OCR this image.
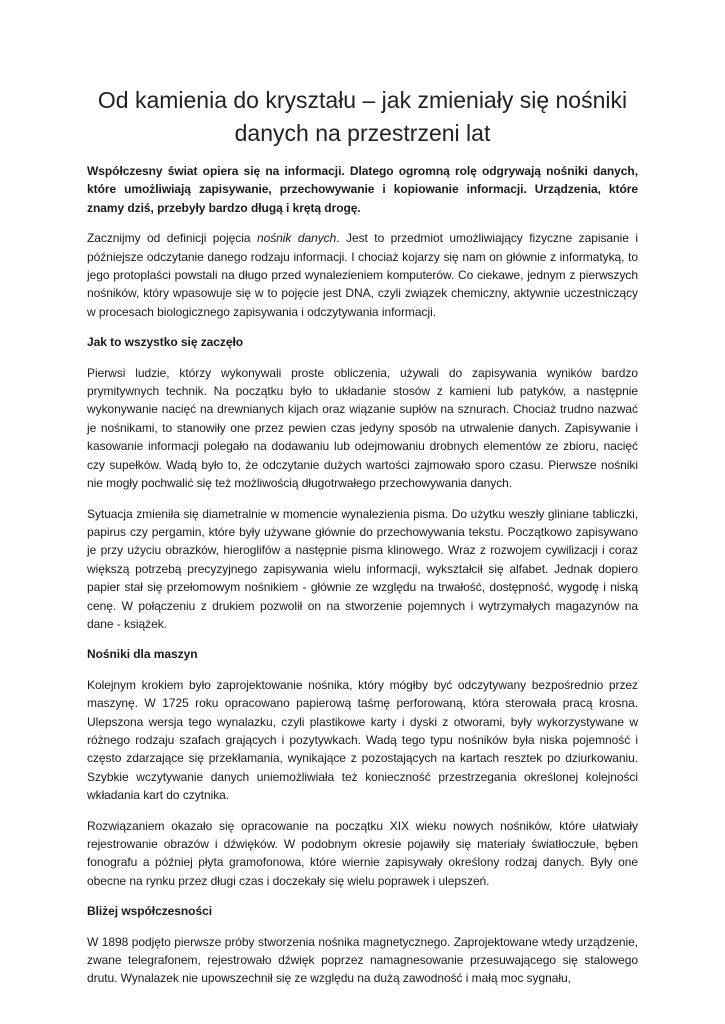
Od kamienia do kryształu – jak zmieniały się nośniki danych na przestrzeni lat

Współczesny świat opiera się na informacji. Dlatego ogromną rolę odgrywają nośniki danych, które umożliwiają zapisywanie, przechowywanie i kopiowanie informacji. Urządzenia, które znamy dziś, przebyły bardzo długą i krętą drogę.

Zacznijmy od definicji pojęcia nośnik danych. Jest to przedmiot umożliwiający fizyczne zapisanie i późniejsze odczytanie danego rodzaju informacji. I chociaż kojarzy się nam on głównie z informatyką, to jego protoplaści powstali na długo przed wynalezieniem komputerów. Co ciekawe, jednym z pierwszych nośników, który wpasowuje się w to pojęcie jest DNA, czyli związek chemiczny, aktywnie uczestniczący w procesach biologicznego zapisywania i odczytywania informacji.

Jak to wszystko się zaczęło

Pierwsi ludzie, którzy wykonywali proste obliczenia, używali do zapisywania wyników bardzo prymitywnych technik. Na początku było to układanie stosów z kamieni lub patyków, a następnie wykonywanie nacięć na drewnianych kijach oraz wiązanie supłów na sznurach. Chociaż trudno nazwać je nośnikami, to stanowiły one przez pewien czas jedyny sposób na utrwalenie danych. Zapisywanie i kasowanie informacji polegało na dodawaniu lub odejmowaniu drobnych elementów ze zbioru, nacięć czy supełków. Wadą było to, że odczytanie dużych wartości zajmowało sporo czasu. Pierwsze nośniki nie mogły pochwalić się też możliwością długotrwałego przechowywania danych.

Sytuacja zmieniła się diametralnie w momencie wynalezienia pisma. Do użytku weszły gliniane tabliczki, papirus czy pergamin, które były używane głównie do przechowywania tekstu. Początkowo zapisywano je przy użyciu obrazków, hieroglifów a następnie pisma klinowego. Wraz z rozwojem cywilizacji i coraz większą potrzebą precyzyjnego zapisywania wielu informacji, wykształcił się alfabet. Jednak dopiero papier stał się przełomowym nośnikiem - głównie ze względu na trwałość, dostępność, wygodę i niską cenę. W połączeniu z drukiem pozwolił on na stworzenie pojemnych i wytrzymałych magazynów na dane - książek.

Nośniki dla maszyn

Kolejnym krokiem było zaprojektowanie nośnika, który mógłby być odczytywany bezpośrednio przez maszynę. W 1725 roku opracowano papierową taśmę perforowaną, która sterowała pracą krosna. Ulepszona wersja tego wynalazku, czyli plastikowe karty i dyski z otworami, były wykorzystywane w różnego rodzaju szafach grających i pozytywkach. Wadą tego typu nośników była niska pojemność i często zdarzające się przekłamania, wynikające z pozostających na kartach resztek po dziurkowaniu. Szybkie wczytywanie danych uniemożliwiała też konieczność przestrzegania określonej kolejności wkładania kart do czytnika.

Rozwiązaniem okazało się opracowanie na początku XIX wieku nowych nośników, które ułatwiały rejestrowanie obrazów i dźwięków. W podobnym okresie pojawiły się materiały światłoczułe, bęben fonografu a później płyta gramofonowa, które wiernie zapisywały określony rodzaj danych. Były one obecne na rynku przez długi czas i doczekały się wielu poprawek i ulepszeń.

Bliżej współczesności

W 1898 podjęto pierwsze próby stworzenia nośnika magnetycznego. Zaprojektowane wtedy urządzenie, zwane telegrafonem, rejestrowało dźwięk poprzez namagnesowanie przesuwającego się stalowego drutu. Wynalazek nie upowszechnił się ze względu na dużą zawodność i małą moc sygnału,
